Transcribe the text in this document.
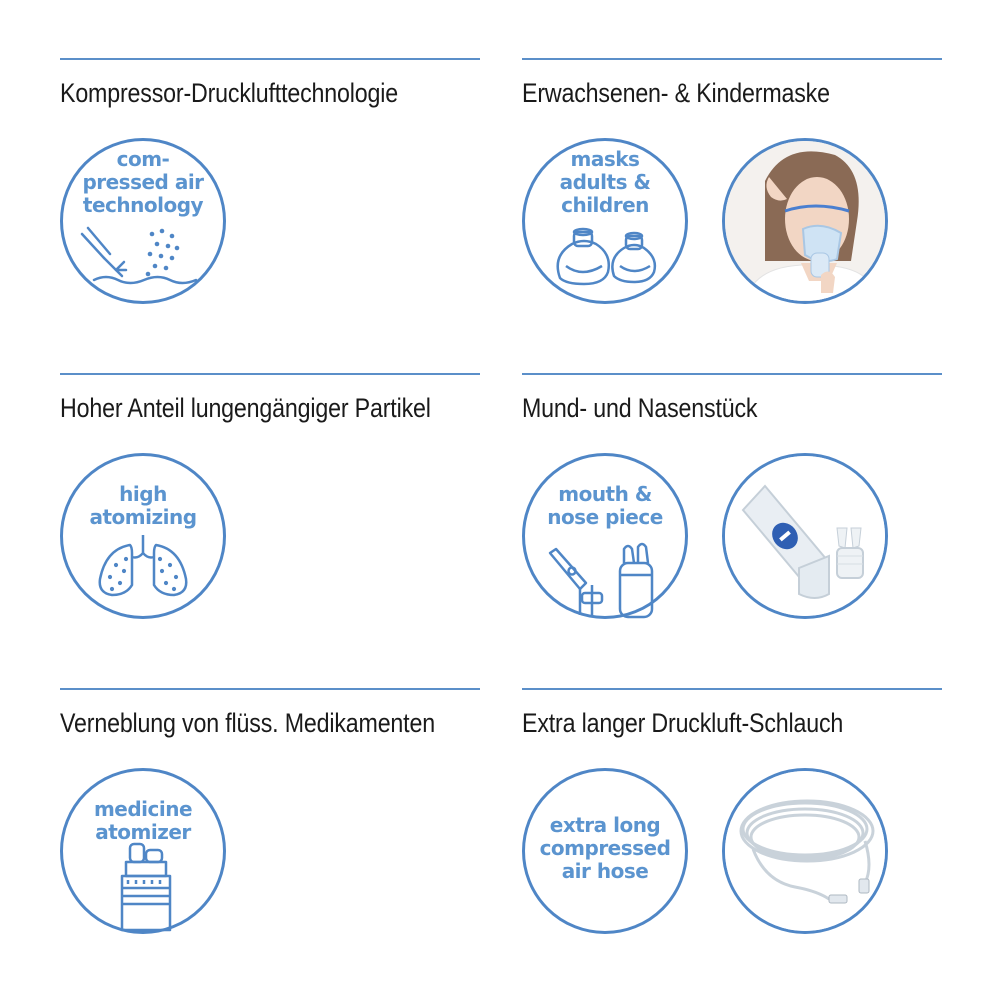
Kompressor-Drucklufttechnologie
com-
pressed air
technology
Erwachsenen- & Kindermaske
masks
adults &
children
Hoher Anteil lungengängiger Partikel
high
atomizing
Mund- und Nasenstück
mouth &
nose piece
Verneblung von flüss. Medikamenten
medicine
atomizer
Extra langer Druckluft-Schlauch
extra long
compressed
air hose
